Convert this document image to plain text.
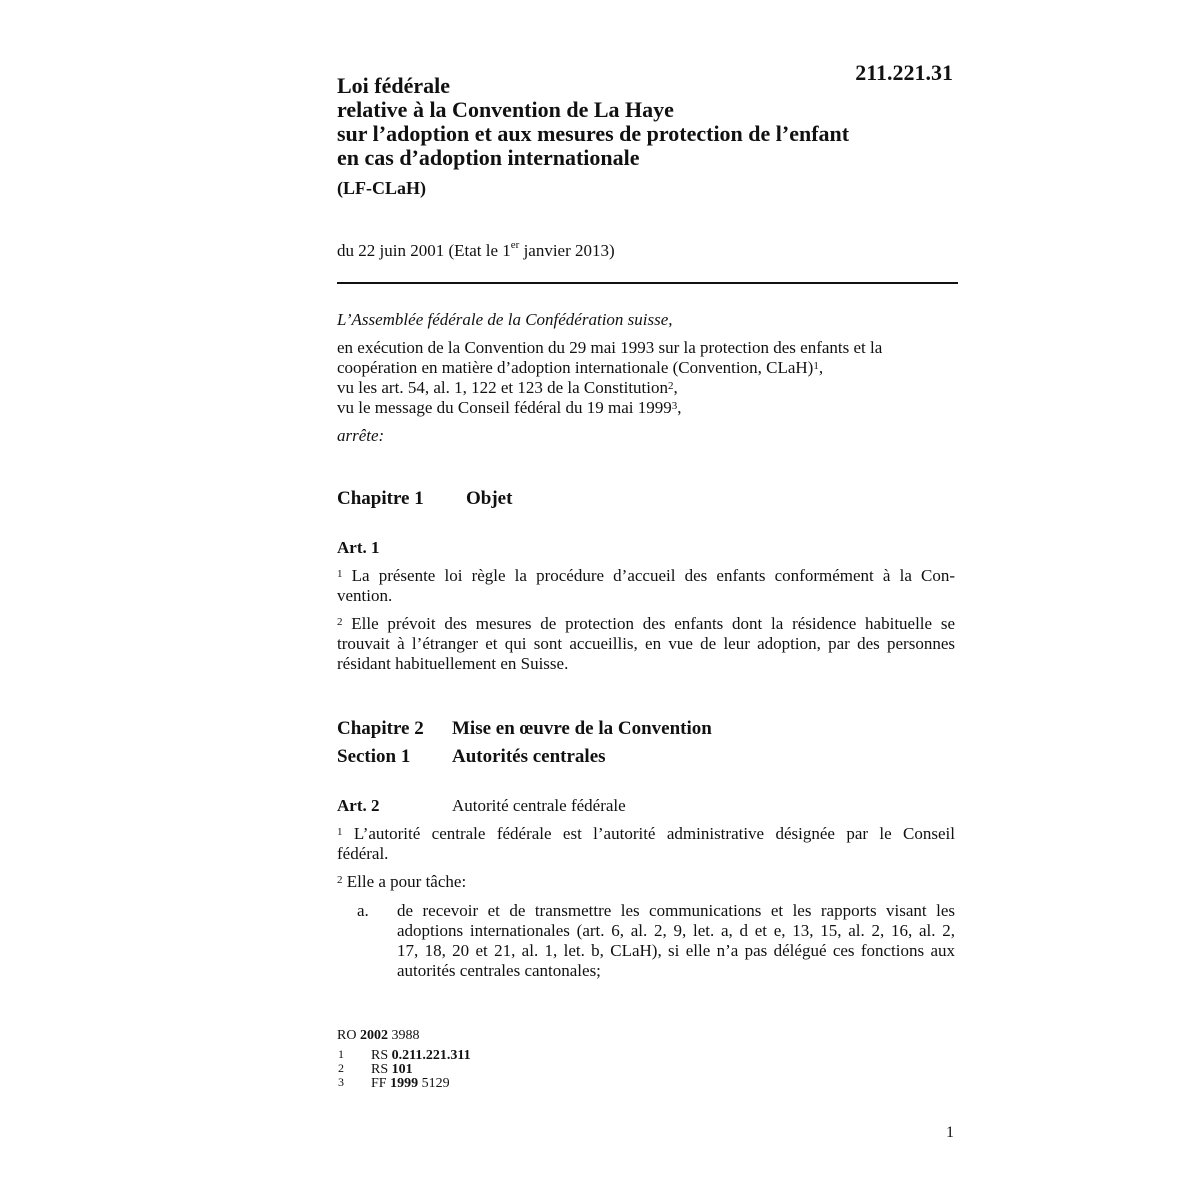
211.221.31
Loi fédérale
relative à la Convention de La Haye
sur l’adoption et aux mesures de protection de l’enfant
en cas d’adoption internationale
(LF-CLaH)
du 22 juin 2001 (Etat le 1er janvier 2013)
L’Assemblée fédérale de la Confédération suisse,
en exécution de la Convention du 29 mai 1993 sur la protection des enfants et la
coopération en matière d’adoption internationale (Convention, CLaH)$^1$,
vu les art. 54, al. 1, 122 et 123 de la Constitution$^2$,
vu le message du Conseil fédéral du 19 mai 1999$^3$,
arrête:
Chapitre 1 Objet
Art. 1
$^1$ La présente loi règle la procédure d’accueil des enfants conformément à la Con-
vention.
$^2$ Elle prévoit des mesures de protection des enfants dont la résidence habituelle se
trouvait à l’étranger et qui sont accueillis, en vue de leur adoption, par des personnes
résidant habituellement en Suisse.
Chapitre 2 Mise en œuvre de la Convention
Section 1 Autorités centrales
Art. 2	Autorité centrale fédérale
$^1$ L’autorité centrale fédérale est l’autorité administrative désignée par le Conseil
fédéral.
$^2$ Elle a pour tâche:
a. de recevoir et de transmettre les communications et les rapports visant les
adoptions internationales (art. 6, al. 2, 9, let. a, d et e, 13, 15, al. 2, 16, al. 2,
17, 18, 20 et 21, al. 1, let. b, CLaH), si elle n’a pas délégué ces fonctions aux
autorités centrales cantonales;
RO 2002 3988
1 RS 0.211.221.311
2 RS 101
3 FF 1999 5129
1
